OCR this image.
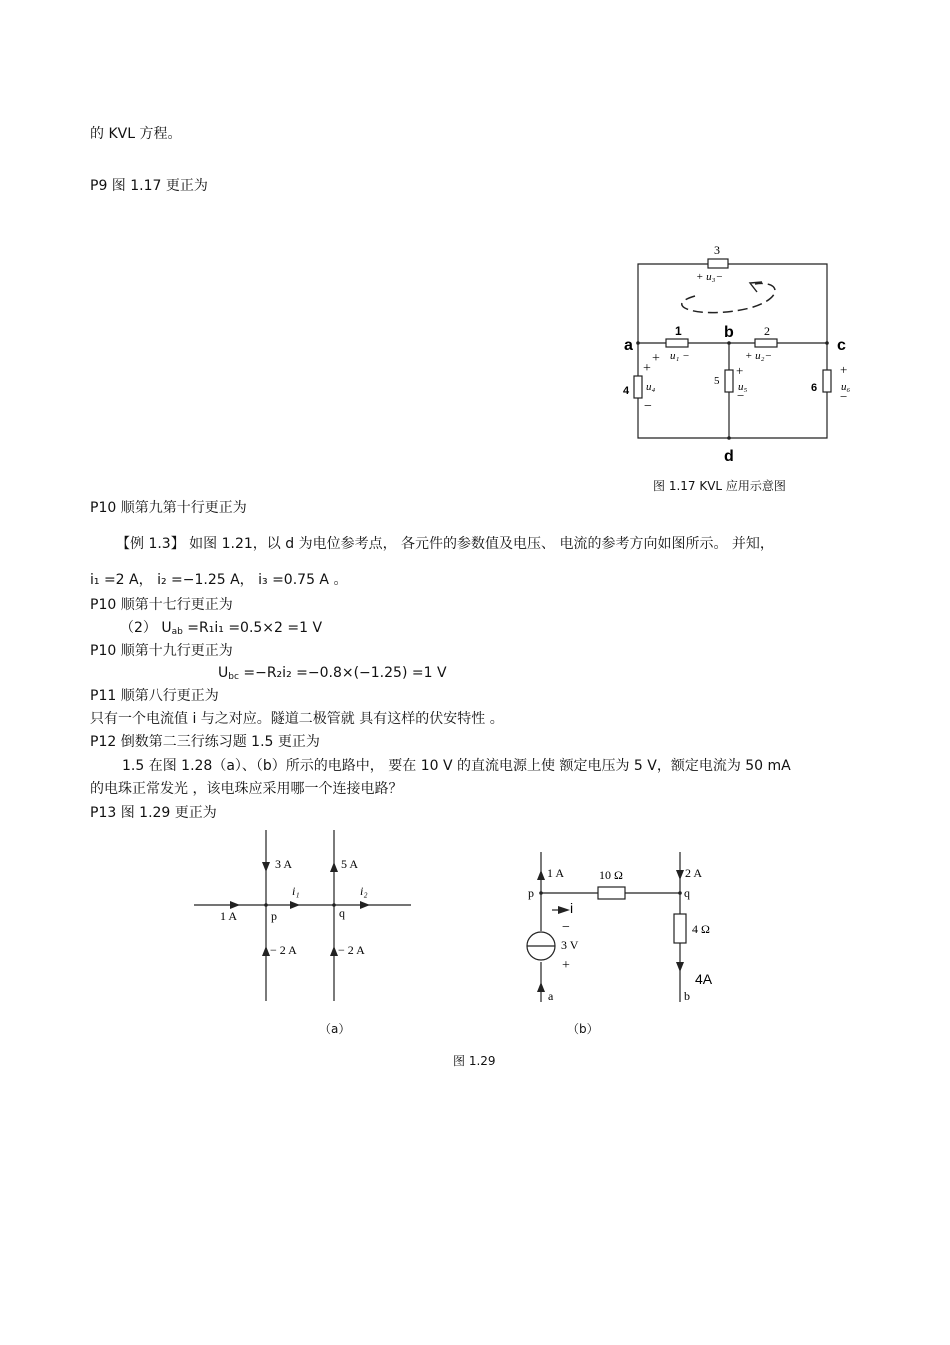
的 KVL 方程。
P9 图 1.17 更正为
3
+ u₃−
1	b	2
a	c
+ u₁ −	+ u₂−
+
4 u₄
−
+
5 u₅
−
+
6 u₆
−
d
图 1.17 KVL 应用示意图
P10 顺第九第十行更正为
【例 1.3】 如图 1.21，以 d 为电位参考点， 各元件的参数值及电压、 电流的参考方向如图所示。 并知，
i₁ =2 A， i₂ =−1.25 A， i₃ =0.75 A 。
P10 顺第十七行更正为
（2） $U_{ab} =R_1i_1 =0.5\times 2 =1$ V
P10 顺第十九行更正为
$U_{bc} =-R_2i_2 =-0.8\times(-1.25) =1$ V
P11 顺第八行更正为
只有一个电流值 i 与之对应。隧道二极管就 具有这样的伏安特性 。
P12 倒数第二三行练习题 1.5 更正为
1.5 在图 1.28（a）、（b）所示的电路中， 要在 10 V 的直流电源上使 额定电压为 5 V，额定电流为 50 mA
的电珠正常发光 ，该电珠应采用哪一个连接电路？
P13 图 1.29 更正为
3 A	5 A
i₁	i₂
1 A	p	q
− 2 A	− 2 A
（a）
1 A	10 Ω	2 A
p	q
i
−
3 V
+
4 Ω
4A
a	b
（b）
图 1.29
